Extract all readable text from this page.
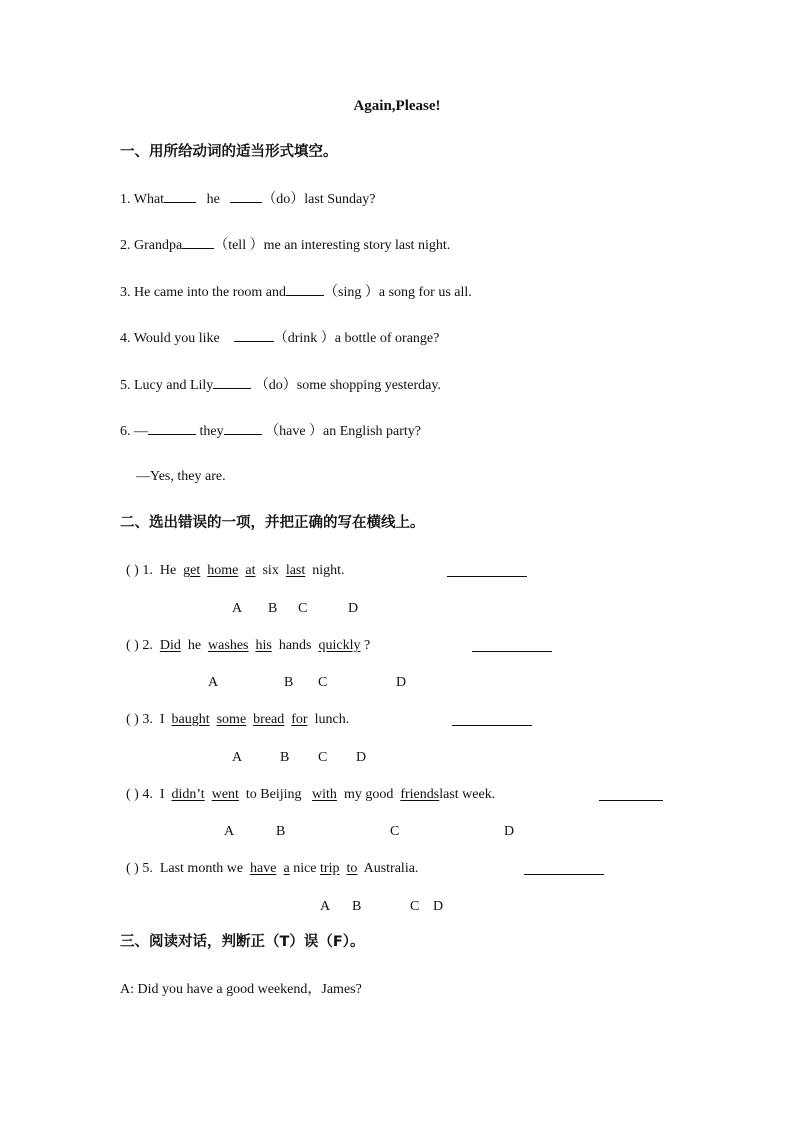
Again,Please!
一、用所给动词的适当形式填空。
1. What	he	（do）last Sunday?
2. Grandpa （tell ）me an interesting story last night.
3. He came into the room and	（sing ）a song for us all.
4. Would you like	（drink ）a bottle of orange?
5. Lucy and Lily	（do）some shopping yesterday.
6. —	they	（have ）an English party?
—Yes, they are.
二、选出错误的一项，并把正确的写在横线上。
( ) 1. He get home at six last night.
A B C	D
( ) 2. Did he washes his hands quickly ?
A	B C	D
( ) 3. I baught some bread for lunch.
A	B C D
( ) 4. I didn’t went to Beijing with my good friendslast week.
A	B	C	D
( ) 5. Last month we have a nice trip to Australia.
A B	C D
三、阅读对话，判断正（T）误（F）。
A: Did you have a good weekend，James?
